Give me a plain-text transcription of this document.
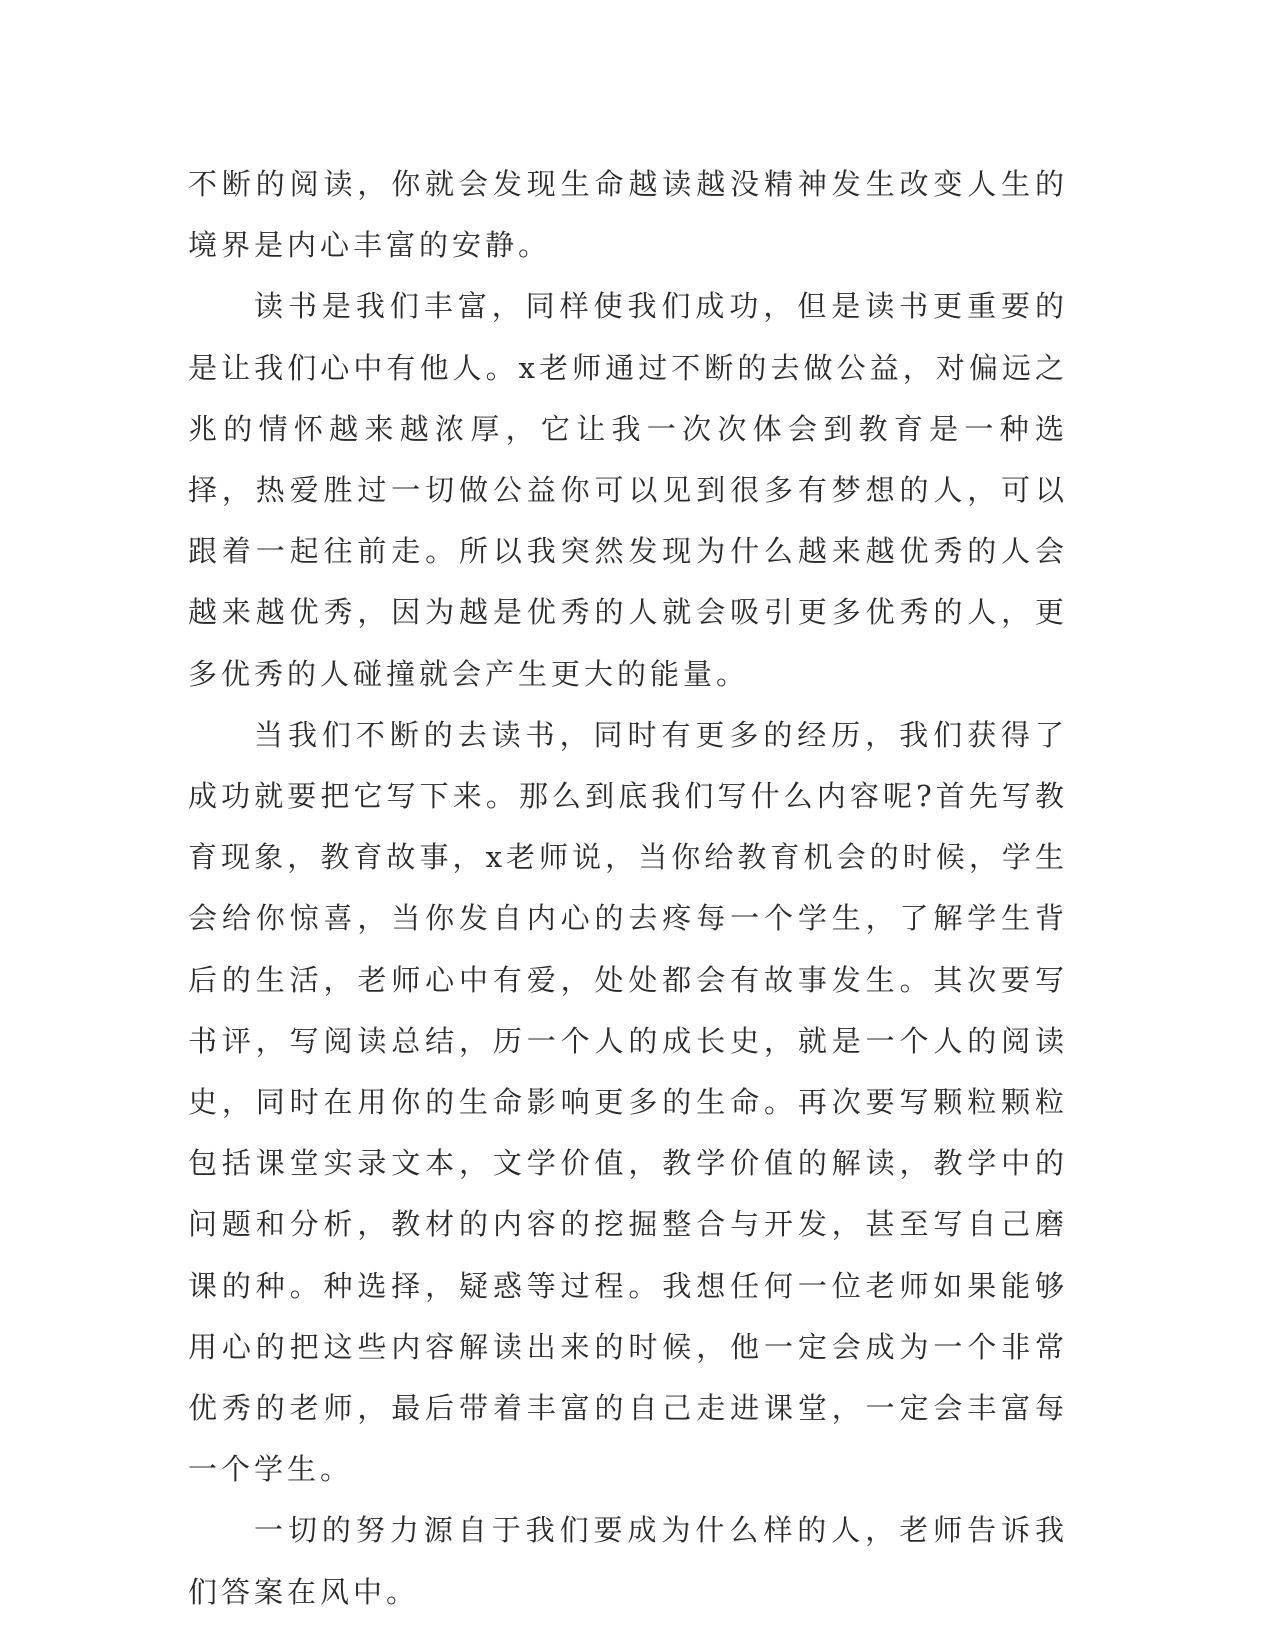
不断的阅读，你就会发现生命越读越没精神发生改变人生的境界是内心丰富的安静。

读书是我们丰富，同样使我们成功，但是读书更重要的是让我们心中有他人。x老师通过不断的去做公益，对偏远之兆的情怀越来越浓厚，它让我一次次体会到教育是一种选择，热爱胜过一切做公益你可以见到很多有梦想的人，可以跟着一起往前走。所以我突然发现为什么越来越优秀的人会越来越优秀，因为越是优秀的人就会吸引更多优秀的人，更多优秀的人碰撞就会产生更大的能量。

当我们不断的去读书，同时有更多的经历，我们获得了成功就要把它写下来。那么到底我们写什么内容呢?首先写教育现象，教育故事，x老师说，当你给教育机会的时候，学生会给你惊喜，当你发自内心的去疼每一个学生，了解学生背后的生活，老师心中有爱，处处都会有故事发生。其次要写书评，写阅读总结，历一个人的成长史，就是一个人的阅读史，同时在用你的生命影响更多的生命。再次要写颗粒颗粒包括课堂实录文本，文学价值，教学价值的解读，教学中的问题和分析，教材的内容的挖掘整合与开发，甚至写自己磨课的种。种选择，疑惑等过程。我想任何一位老师如果能够用心的把这些内容解读出来的时候，他一定会成为一个非常优秀的老师，最后带着丰富的自己走进课堂，一定会丰富每一个学生。

一切的努力源自于我们要成为什么样的人，老师告诉我们答案在风中。
